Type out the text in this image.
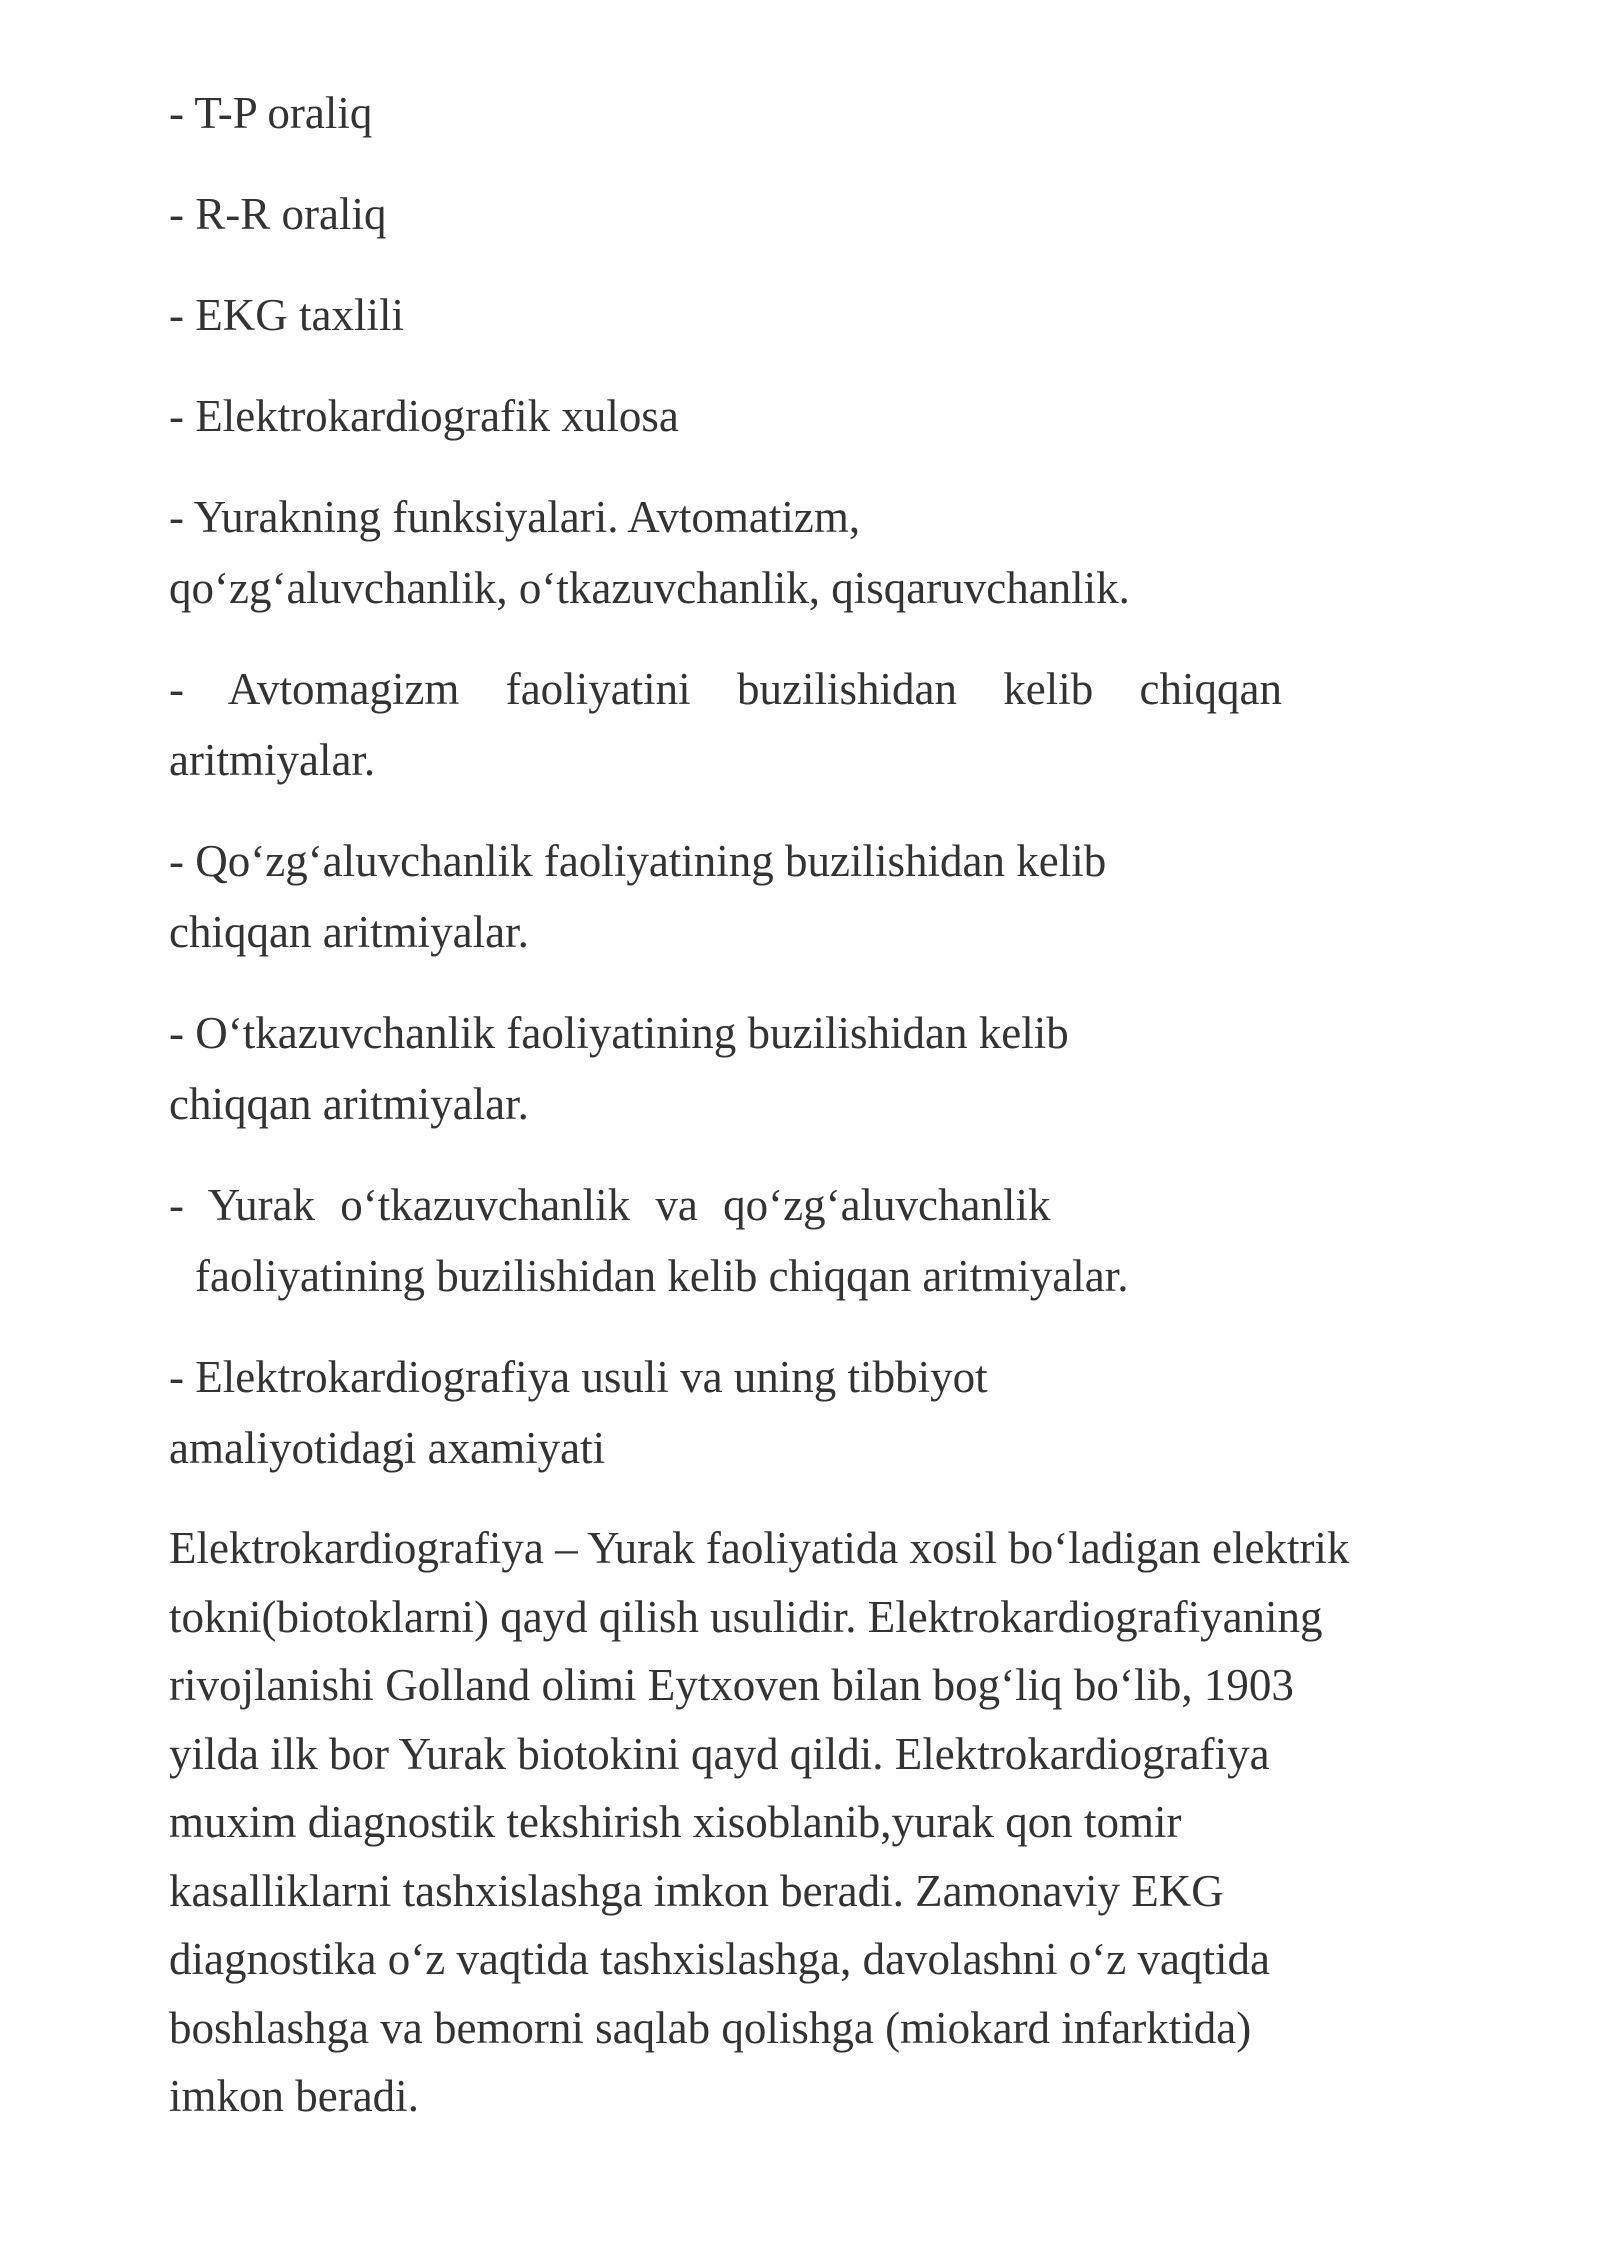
- T-P oraliq
- R-R oraliq
- EKG taxlili
- Elektrokardiografik xulosa
- Yurakning funksiyalari. Avtomatizm,
qo‘zg‘aluvchanlik, o‘tkazuvchanlik, qisqaruvchanlik.
- Avtomagizm faoliyatini buzilishidan kelib chiqqan
aritmiyalar.
- Qo‘zg‘aluvchanlik faoliyatining buzilishidan kelib
chiqqan aritmiyalar.
- O‘tkazuvchanlik faoliyatining buzilishidan kelib
chiqqan aritmiyalar.
- Yurak o‘tkazuvchanlik va qo‘zg‘aluvchanlik
faoliyatining buzilishidan kelib chiqqan aritmiyalar.
- Elektrokardiografiya usuli va uning tibbiyot
amaliyotidagi axamiyati
Elektrokardiografiya – Yurak faoliyatida xosil bo‘ladigan elektrik
tokni(biotoklarni) qayd qilish usulidir. Elektrokardiografiyaning
rivojlanishi Golland olimi Eytxoven bilan bog‘liq bo‘lib, 1903
yilda ilk bor Yurak biotokini qayd qildi. Elektrokardiografiya
muxim diagnostik tekshirish xisoblanib,yurak qon tomir
kasalliklarni tashxislashga imkon beradi. Zamonaviy EKG
diagnostika o‘z vaqtida tashxislashga, davolashni o‘z vaqtida
boshlashga va bemorni saqlab qolishga (miokard infarktida)
imkon beradi.
